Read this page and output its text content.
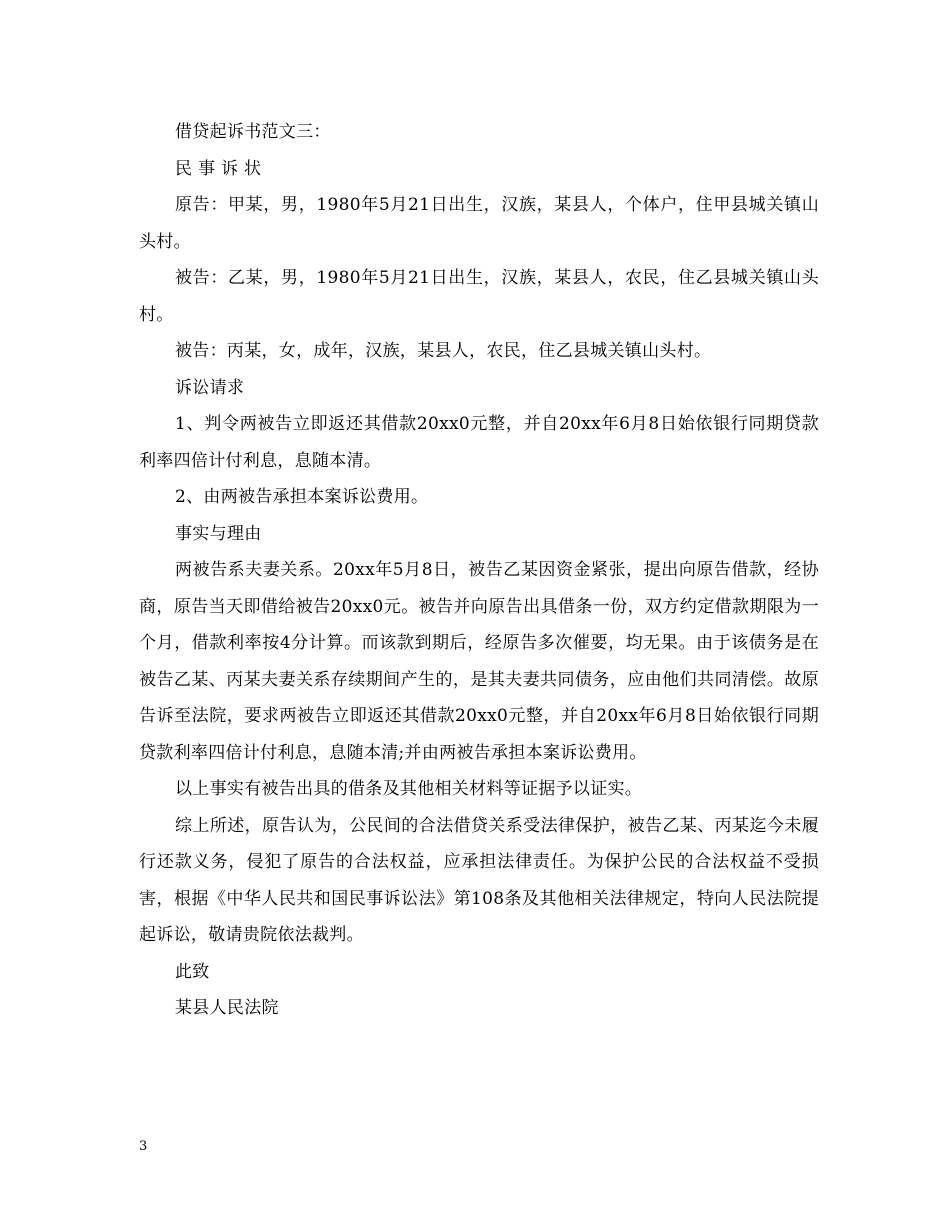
借贷起诉书范文三：

民 事 诉 状

原告：甲某，男，1980年5月21日出生，汉族，某县人，个体户，住甲县城关镇山头村。

被告：乙某，男，1980年5月21日出生，汉族，某县人，农民，住乙县城关镇山头村。

被告：丙某，女，成年，汉族，某县人，农民，住乙县城关镇山头村。

诉讼请求

1、判令两被告立即返还其借款20xx0元整，并自20xx年6月8日始依银行同期贷款利率四倍计付利息，息随本清。

2、由两被告承担本案诉讼费用。

事实与理由

两被告系夫妻关系。20xx年5月8日，被告乙某因资金紧张，提出向原告借款，经协商，原告当天即借给被告20xx0元。被告并向原告出具借条一份，双方约定借款期限为一个月，借款利率按4分计算。而该款到期后，经原告多次催要，均无果。由于该债务是在被告乙某、丙某夫妻关系存续期间产生的，是其夫妻共同债务，应由他们共同清偿。故原告诉至法院，要求两被告立即返还其借款20xx0元整，并自20xx年6月8日始依银行同期贷款利率四倍计付利息，息随本清;并由两被告承担本案诉讼费用。

以上事实有被告出具的借条及其他相关材料等证据予以证实。

综上所述，原告认为，公民间的合法借贷关系受法律保护，被告乙某、丙某迄今未履行还款义务，侵犯了原告的合法权益，应承担法律责任。为保护公民的合法权益不受损害，根据《中华人民共和国民事诉讼法》第108条及其他相关法律规定，特向人民法院提起诉讼，敬请贵院依法裁判。

此致

某县人民法院

3
